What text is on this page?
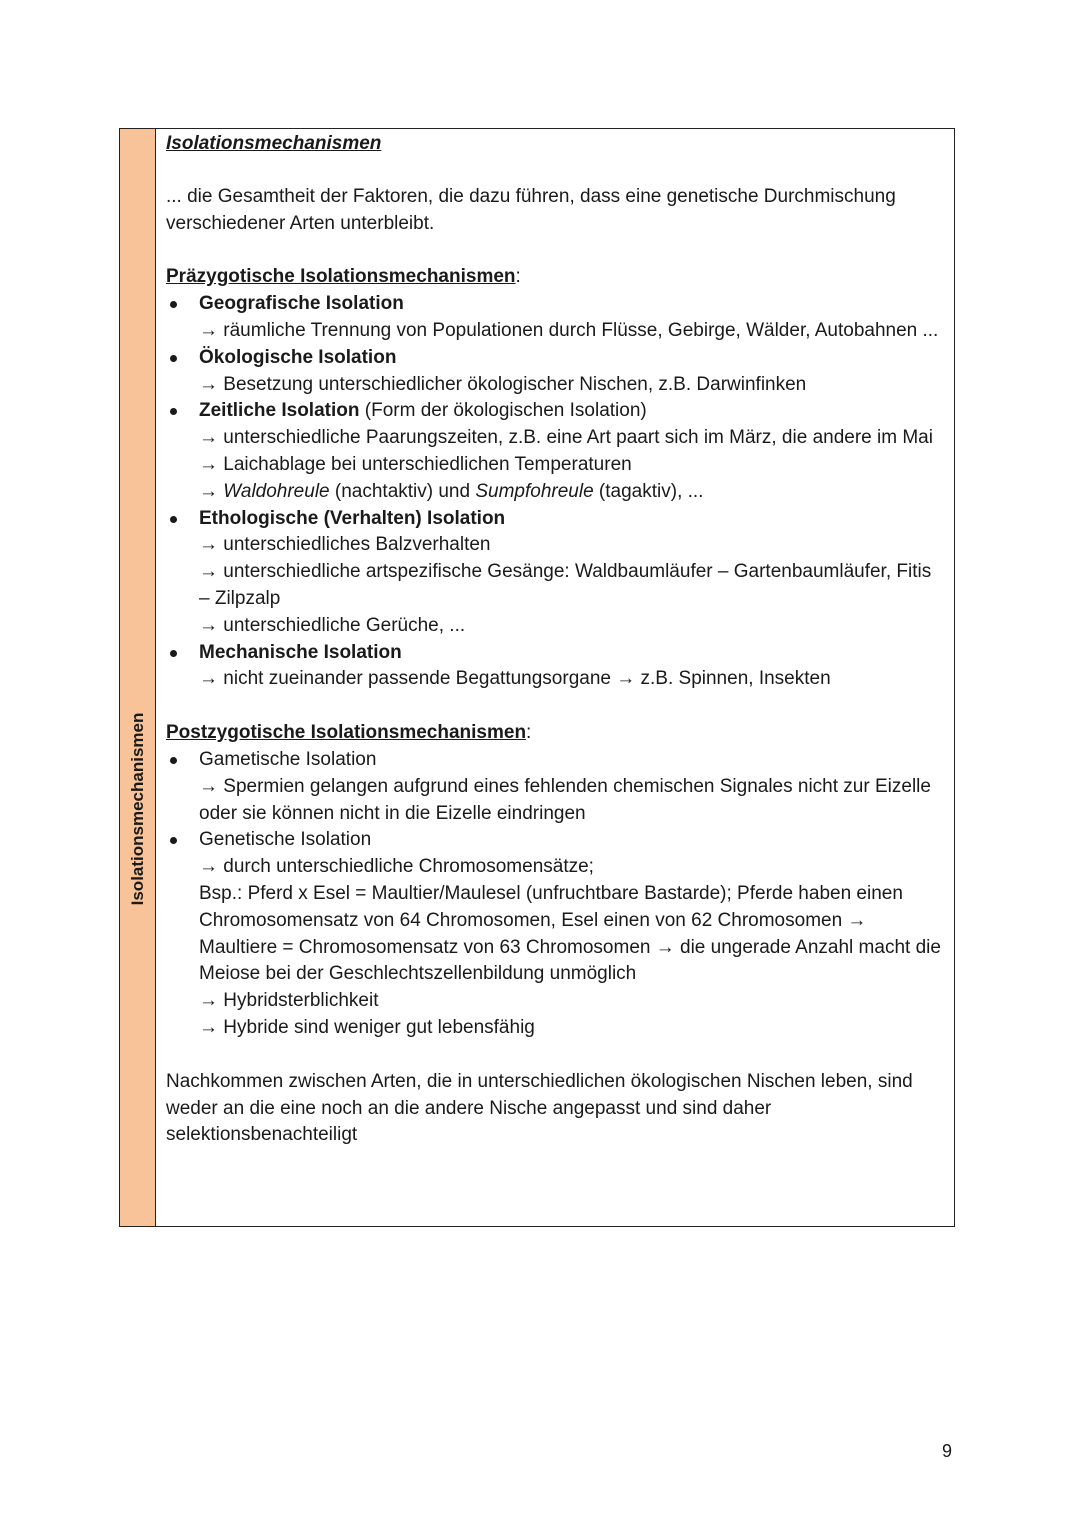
Isolationsmechanismen

Isolationsmechanismen

... die Gesamtheit der Faktoren, die dazu führen, dass eine genetische Durchmischung verschiedener Arten unterbleibt.

Präzygotische Isolationsmechanismen:

Geografische Isolation
→ räumliche Trennung von Populationen durch Flüsse, Gebirge, Wälder, Autobahnen ...
Ökologische Isolation
→ Besetzung unterschiedlicher ökologischer Nischen, z.B. Darwinfinken
Zeitliche Isolation (Form der ökologischen Isolation)
→ unterschiedliche Paarungszeiten, z.B. eine Art paart sich im März, die andere im Mai
→ Laichablage bei unterschiedlichen Temperaturen
→ Waldohreule (nachtaktiv) und Sumpfohreule (tagaktiv), ...
Ethologische (Verhalten) Isolation
→ unterschiedliches Balzverhalten
→ unterschiedliche artspezifische Gesänge: Waldbaumläufer – Gartenbaumläufer, Fitis – Zilpzalp
→ unterschiedliche Gerüche, ...
Mechanische Isolation
→ nicht zueinander passende Begattungsorgane → z.B. Spinnen, Insekten

Postzygotische Isolationsmechanismen:

Gametische Isolation
→ Spermien gelangen aufgrund eines fehlenden chemischen Signales nicht zur Eizelle oder sie können nicht in die Eizelle eindringen
Genetische Isolation
→ durch unterschiedliche Chromosomensätze;
Bsp.: Pferd x Esel = Maultier/Maulesel (unfruchtbare Bastarde); Pferde haben einen Chromosomensatz von 64 Chromosomen, Esel einen von 62 Chromosomen → Maultiere = Chromosomensatz von 63 Chromosomen → die ungerade Anzahl macht die Meiose bei der Geschlechtszellenbildung unmöglich
→ Hybridsterblichkeit
→ Hybride sind weniger gut lebensfähig

Nachkommen zwischen Arten, die in unterschiedlichen ökologischen Nischen leben, sind weder an die eine noch an die andere Nische angepasst und sind daher selektionsbenachteiligt

9
